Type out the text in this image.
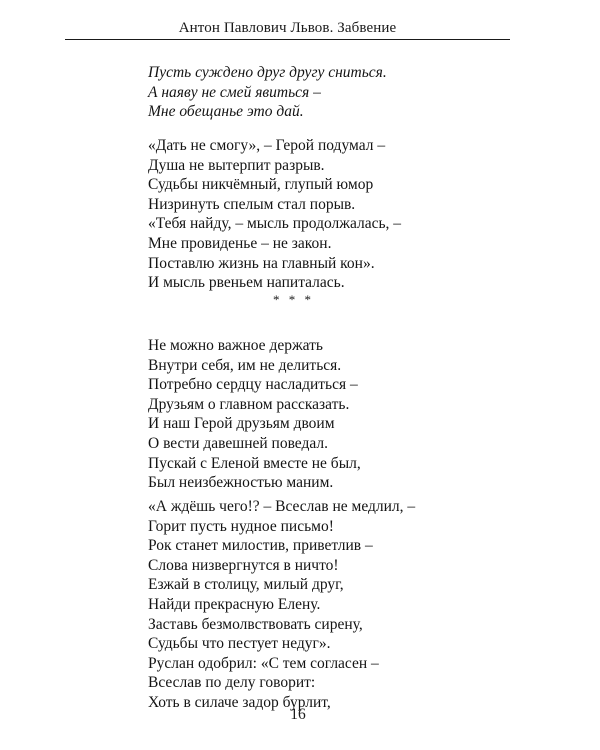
Антон Павлович Львов. Забвение
Пусть суждено друг другу сниться.
А наяву не смей явиться –
Мне обещанье это дай.
«Дать не смогу», – Герой подумал –
Душа не вытерпит разрыв.
Судьбы никчёмный, глупый юмор
Низринуть спелым стал порыв.
«Тебя найду, – мысль продолжалась, –
Мне провиденье – не закон.
Поставлю жизнь на главный кон».
И мысль рвеньем напиталась.
* * *
Не можно важное держать
Внутри себя, им не делиться.
Потребно сердцу насладиться –
Друзьям о главном рассказать.
И наш Герой друзьям двоим
О вести давешней поведал.
Пускай с Еленой вместе не был,
Был неизбежностью маним.
«А ждёшь чего!? – Всеслав не медлил, –
Горит пусть нудное письмо!
Рок станет милостив, приветлив –
Слова низвергнутся в ничто!
Езжай в столицу, милый друг,
Найди прекрасную Елену.
Заставь безмолвствовать сирену,
Судьбы что пестует недуг».
Руслан одобрил: «С тем согласен –
Всеслав по делу говорит:
Хоть в силаче задор бурлит,
16
